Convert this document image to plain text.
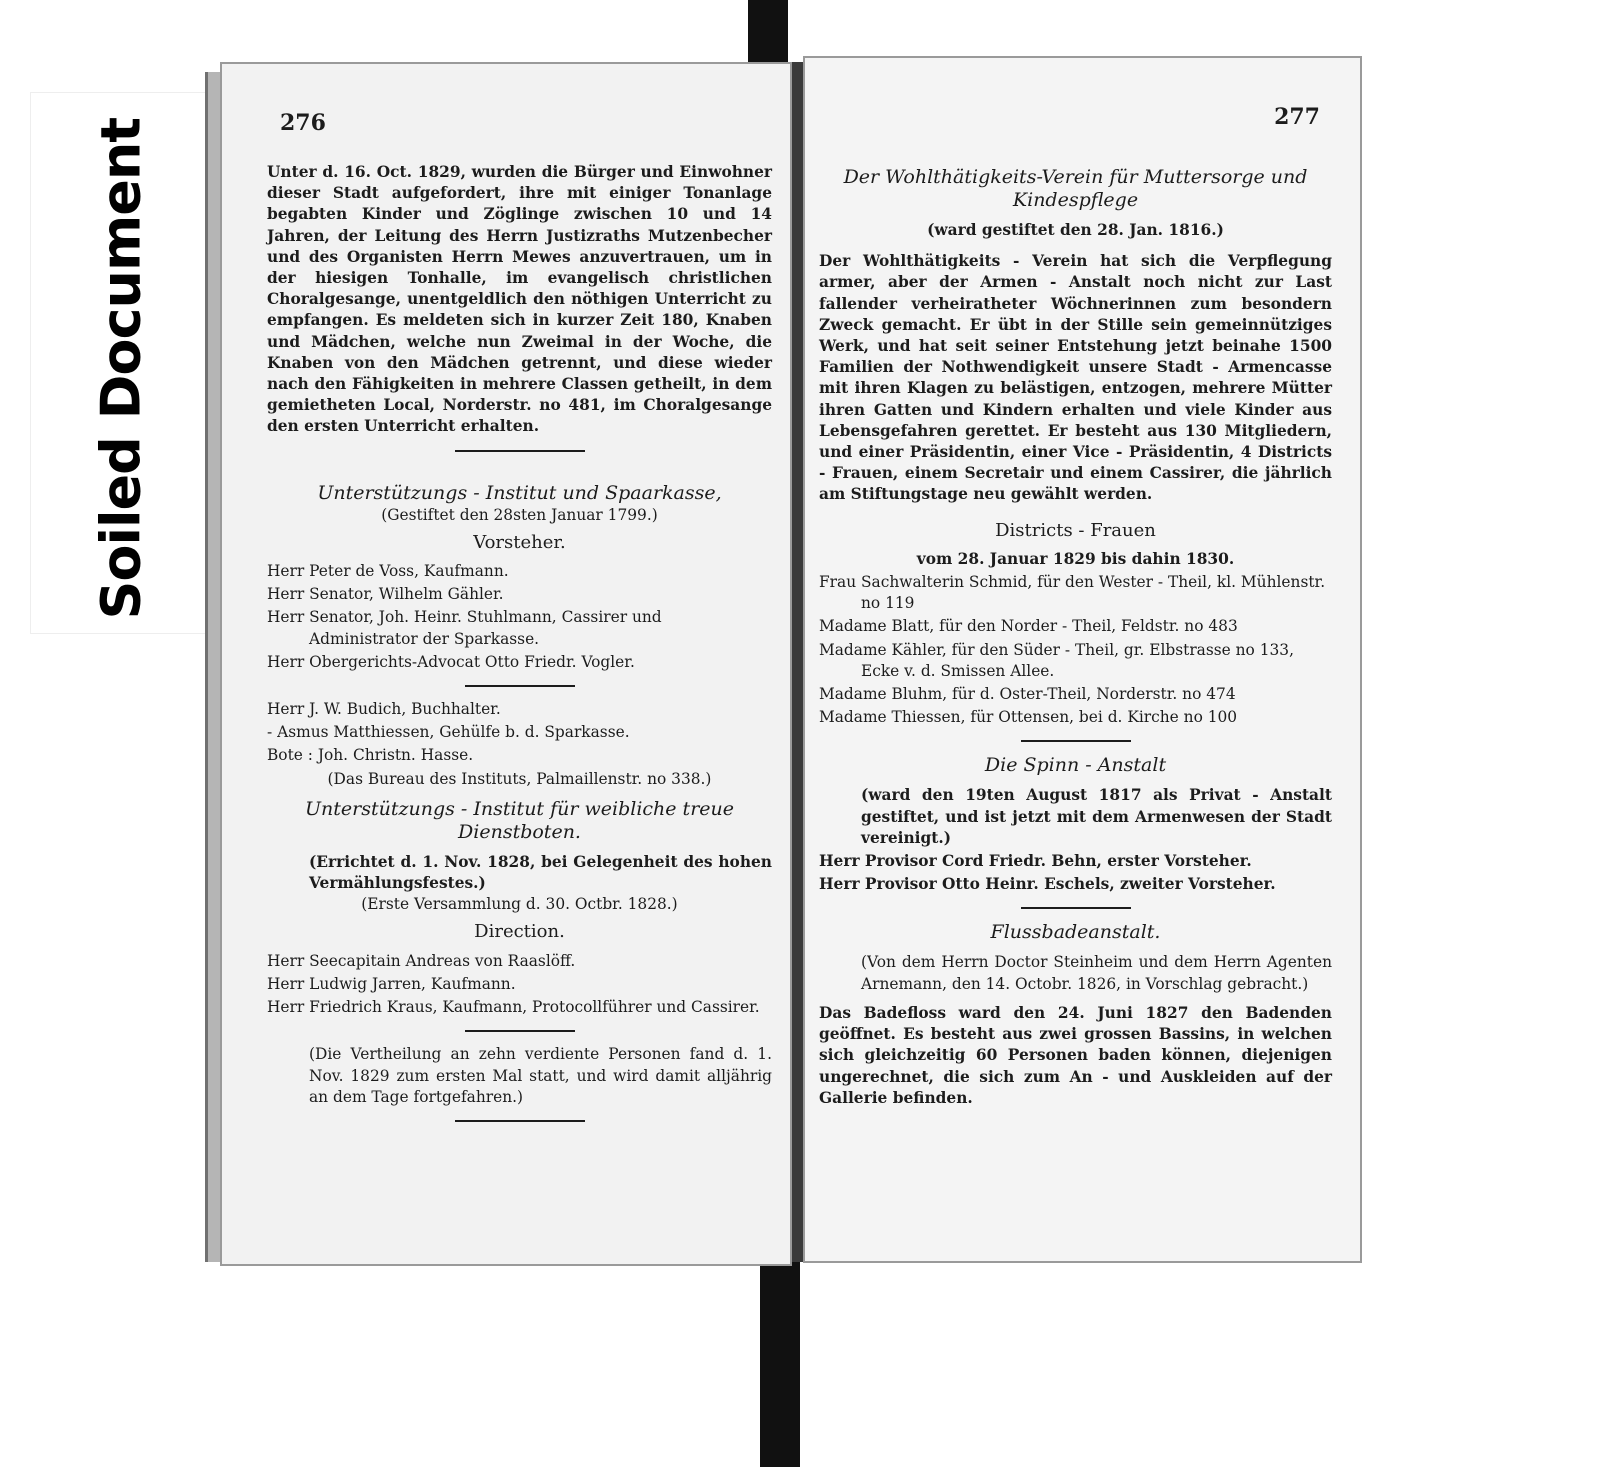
Soiled Document	276

Unter d. 16. Oct. 1829, wurden die Bürger und Einwohner dieser Stadt aufgefordert, ihre mit einiger Tonanlage begabten Kinder und Zöglinge zwischen 10 und 14 Jahren, der Leitung des Herrn Justizraths Mutzenbecher und des Organisten Herrn Mewes anzuvertrauen, um in der hiesigen Tonhalle, im evangelisch christlichen Choralgesange, unentgeldlich den nöthigen Unterricht zu empfangen. Es meldeten sich in kurzer Zeit 180, Knaben und Mädchen, welche nun Zweimal in der Woche, die Knaben von den Mädchen getrennt, und diese wieder nach den Fähigkeiten in mehrere Classen getheilt, in dem gemietheten Local, Norderstr. no 481, im Choralgesange den ersten Unterricht erhalten.

Unterstützungs - Institut und Spaarkasse,
(Gestiftet den 28sten Januar 1799.)
Vorsteher.
Herr Peter de Voss, Kaufmann.
Herr Senator, Wilhelm Gähler.
Herr Senator, Joh. Heinr. Stuhlmann, Cassirer und Administrator der Sparkasse.
Herr Obergerichts-Advocat Otto Friedr. Vogler.
Herr J. W. Budich, Buchhalter.
- Asmus Matthiessen, Gehülfe b. d. Sparkasse.
Bote : Joh. Christn. Hasse.
(Das Bureau des Instituts, Palmaillenstr. no 338.)
Unterstützungs - Institut für weibliche treue
Dienstboten.

(Errichtet d. 1. Nov. 1828, bei Gelegenheit des hohen Vermählungsfestes.)

(Erste Versammlung d. 30. Octbr. 1828.)
Direction.
Herr Seecapitain Andreas von Raaslöff.
Herr Ludwig Jarren, Kaufmann.
Herr Friedrich Kraus, Kaufmann, Protocollführer und Cassirer.

(Die Vertheilung an zehn verdiente Personen fand d. 1. Nov. 1829 zum ersten Mal statt, und wird damit alljährig an dem Tage fortgefahren.)

277
Der Wohlthätigkeits-Verein für Muttersorge und Kindespflege
(ward gestiftet den 28. Jan. 1816.)

Der Wohlthätigkeits - Verein hat sich die Verpflegung armer, aber der Armen - Anstalt noch nicht zur Last fallender verheiratheter Wöchnerinnen zum besondern Zweck gemacht. Er übt in der Stille sein gemeinnütziges Werk, und hat seit seiner Entstehung jetzt beinahe 1500 Familien der Nothwendigkeit unsere Stadt - Armencasse mit ihren Klagen zu belästigen, entzogen, mehrere Mütter ihren Gatten und Kindern erhalten und viele Kinder aus Lebensgefahren gerettet. Er besteht aus 130 Mitgliedern, und einer Präsidentin, einer Vice - Präsidentin, 4 Districts - Frauen, einem Secretair und einem Cassirer, die jährlich am Stiftungstage neu gewählt werden.

Districts - Frauen
vom 28. Januar 1829 bis dahin 1830.
Frau Sachwalterin Schmid, für den Wester - Theil, kl. Mühlenstr. no 119
Madame Blatt, für den Norder - Theil, Feldstr. no 483
Madame Kähler, für den Süder - Theil, gr. Elbstrasse no 133, Ecke v. d. Smissen Allee.
Madame Bluhm, für d. Oster-Theil, Norderstr. no 474
Madame Thiessen, für Ottensen, bei d. Kirche no 100
Die Spinn - Anstalt

(ward den 19ten August 1817 als Privat - Anstalt gestiftet, und ist jetzt mit dem Armenwesen der Stadt vereinigt.)

Herr Provisor Cord Friedr. Behn, erster Vorsteher.
Herr Provisor Otto Heinr. Eschels, zweiter Vorsteher.
Flussbadeanstalt.

(Von dem Herrn Doctor Steinheim und dem Herrn Agenten Arnemann, den 14. Octobr. 1826, in Vorschlag gebracht.)

Das Badefloss ward den 24. Juni 1827 den Badenden geöffnet. Es besteht aus zwei grossen Bassins, in welchen sich gleichzeitig 60 Personen baden können, diejenigen ungerechnet, die sich zum An - und Auskleiden auf der Gallerie befinden.
